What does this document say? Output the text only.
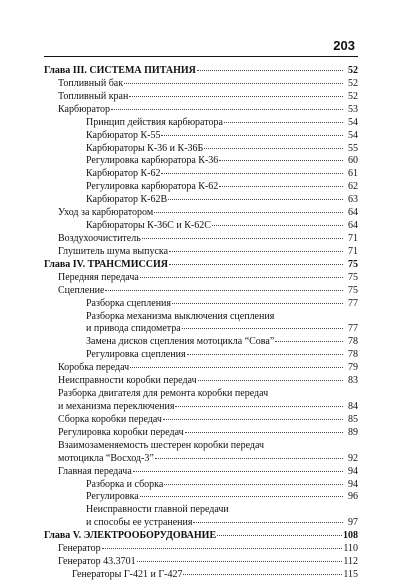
203
Глава III. СИСТЕМА ПИТАНИЯ	52
Топливный бак	52
Топливный кран	52
Карбюратор	53
Принцип действия карбюратора	54
Карбюратор К-55	54
Карбюраторы К-36 и К-36Б	55
Регулировка карбюратора К-36	60
Карбюратор К-62	61
Регулировка карбюратора К-62	62
Карбюратор К-62В	63
Уход за карбюратором	64
Карбюраторы К-36С и К-62С	64
Воздухоочиститель	71
Глушитель шума выпуска	71
Глава IV. ТРАНСМИССИЯ	75
Передняя передача	75
Сцепление	75
Разборка сцепления	77
Разборка механизма выключения сцепления
и привода спидометра	77
Замена дисков сцепления мотоцикла “Сова”	78
Регулировка сцепления	78
Коробка передач	79
Неисправности коробки передач	83
Разборка двигателя для ремонта коробки передач
и механизма переключения	84
Сборка коробки передач	85
Регулировка коробки передач	89
Взаимозаменяемость шестерен коробки передач
мотоцикла “Восход-3”	92
Главная передача	94
Разборка и сборка	94
Регулировка	96
Неисправности главной передачи
и способы ее устранения	97
Глава V. ЭЛЕКТРООБОРУДОВАНИЕ	108
Генератор	110
Генератор 43.3701	112
Генераторы Г-421 и Г-427	115
